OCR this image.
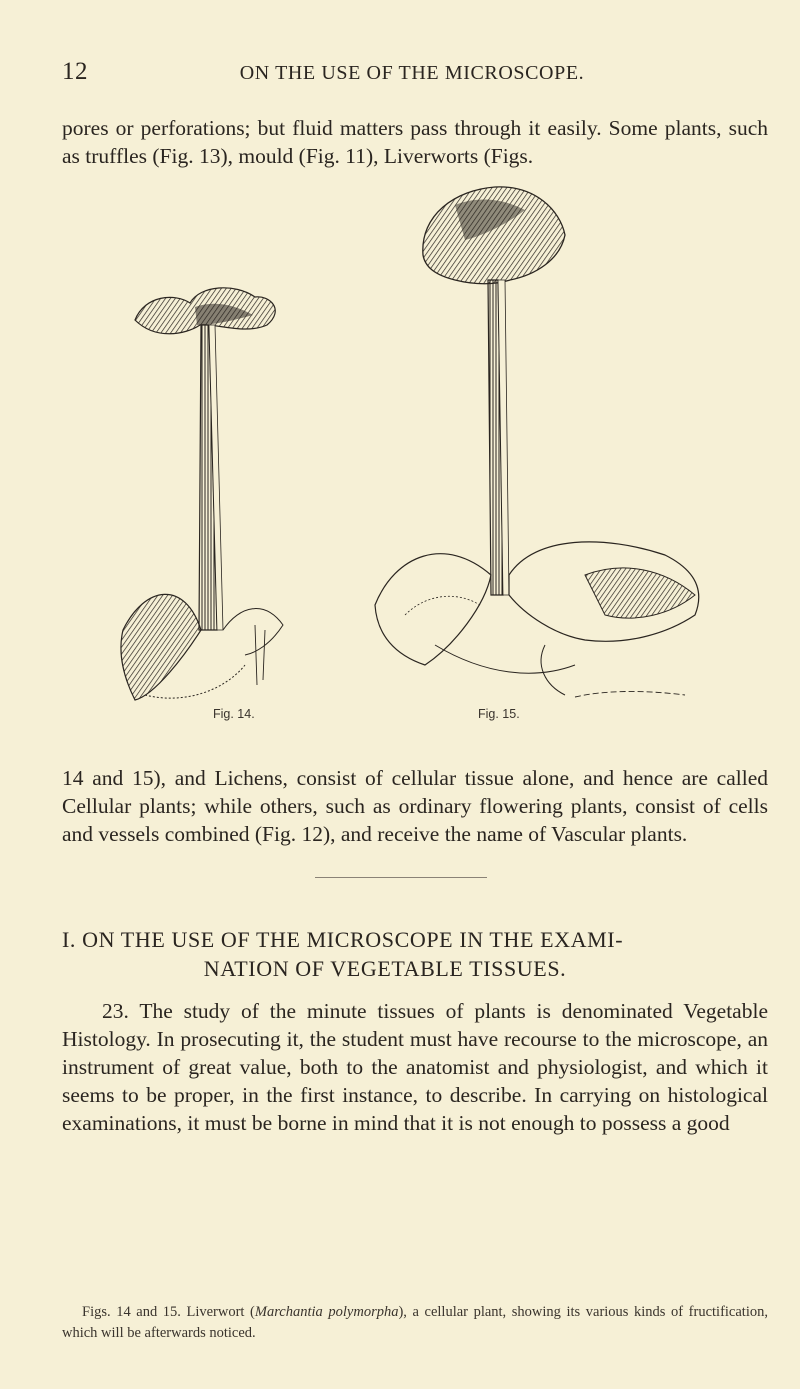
12	ON THE USE OF THE MICROSCOPE.

pores or perforations; but fluid matters pass through it easily. Some plants, such as truffles (Fig. 13), mould (Fig. 11), Liverworts (Figs.

Fig. 14.	Fig. 15.

14 and 15), and Lichens, consist of cellular tissue alone, and hence are called Cellular plants; while others, such as ordinary flowering plants, consist of cells and vessels combined (Fig. 12), and receive the name of Vascular plants.

I. ON THE USE OF THE MICROSCOPE IN THE EXAMI-
NATION OF VEGETABLE TISSUES.

23. The study of the minute tissues of plants is denominated Vegetable Histology. In prosecuting it, the student must have recourse to the microscope, an instrument of great value, both to the anatomist and physiologist, and which it seems to be proper, in the first instance, to describe. In carrying on histological examinations, it must be borne in mind that it is not enough to possess a good

Figs. 14 and 15. Liverwort (Marchantia polymorpha), a cellular plant, showing its various kinds of fructification, which will be afterwards noticed.
